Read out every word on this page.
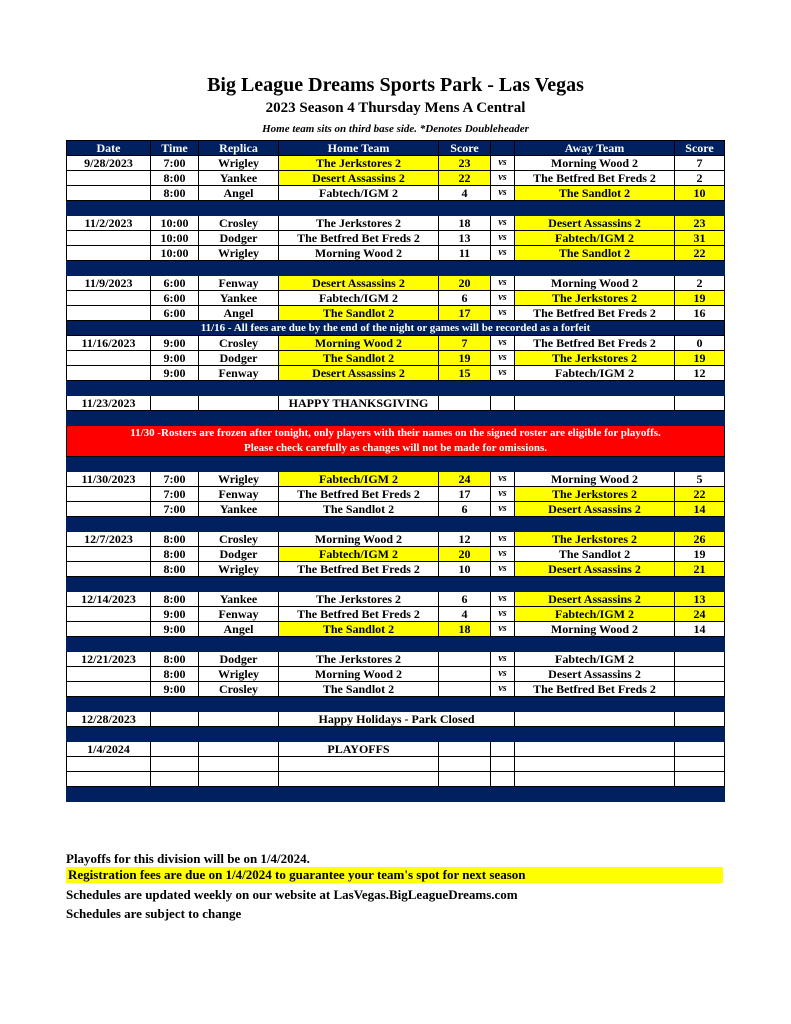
Big League Dreams Sports Park - Las Vegas
2023 Season 4 Thursday Mens A Central
Home team sits on third base side. *Denotes Doubleheader
Date	Time	Replica	Home Team	Score		Away Team	Score
9/28/2023	7:00	Wrigley	The Jerkstores 2	23	vs	Morning Wood 2	7
	8:00	Yankee	Desert Assassins 2	22	vs	The Betfred Bet Freds 2	2
	8:00	Angel	Fabtech/IGM 2	4	vs	The Sandlot 2	10

11/2/2023	10:00	Crosley	The Jerkstores 2	18	vs	Desert Assassins 2	23
	10:00	Dodger	The Betfred Bet Freds 2	13	vs	Fabtech/IGM 2	31
	10:00	Wrigley	Morning Wood 2	11	vs	The Sandlot 2	22

11/9/2023	6:00	Fenway	Desert Assassins 2	20	vs	Morning Wood 2	2
	6:00	Yankee	Fabtech/IGM 2	6	vs	The Jerkstores 2	19
	6:00	Angel	The Sandlot 2	17	vs	The Betfred Bet Freds 2	16
11/16 - All fees are due by the end of the night or games will be recorded as a forfeit							
11/16/2023	9:00	Crosley	Morning Wood 2	7	vs	The Betfred Bet Freds 2	0
	9:00	Dodger	The Sandlot 2	19	vs	The Jerkstores 2	19
	9:00	Fenway	Desert Assassins 2	15	vs	Fabtech/IGM 2	12

11/23/2023			HAPPY THANKSGIVING				

11/30 -Rosters are frozen after tonight, only players with their names on the signed roster are eligible for playoffs.
Please check carefully as changes will not be made for omissions.							

11/30/2023	7:00	Wrigley	Fabtech/IGM 2	24	vs	Morning Wood 2	5
	7:00	Fenway	The Betfred Bet Freds 2	17	vs	The Jerkstores 2	22
	7:00	Yankee	The Sandlot 2	6	vs	Desert Assassins 2	14

12/7/2023	8:00	Crosley	Morning Wood 2	12	vs	The Jerkstores 2	26
	8:00	Dodger	Fabtech/IGM 2	20	vs	The Sandlot 2	19
	8:00	Wrigley	The Betfred Bet Freds 2	10	vs	Desert Assassins 2	21

12/14/2023	8:00	Yankee	The Jerkstores 2	6	vs	Desert Assassins 2	13
	9:00	Fenway	The Betfred Bet Freds 2	4	vs	Fabtech/IGM 2	24
	9:00	Angel	The Sandlot 2	18	vs	Morning Wood 2	14

12/21/2023	8:00	Dodger	The Jerkstores 2		vs	Fabtech/IGM 2	
	8:00	Wrigley	Morning Wood 2		vs	Desert Assassins 2	
	9:00	Crosley	The Sandlot 2		vs	The Betfred Bet Freds 2	

12/28/2023			Happy Holidays - Park Closed				

1/4/2024			PLAYOFFS				

Playoffs for this division will be on 1/4/2024.
Registration fees are due on 1/4/2024 to guarantee your team's spot for next season
Schedules are updated weekly on our website at LasVegas.BigLeagueDreams.com
Schedules are subject to change
